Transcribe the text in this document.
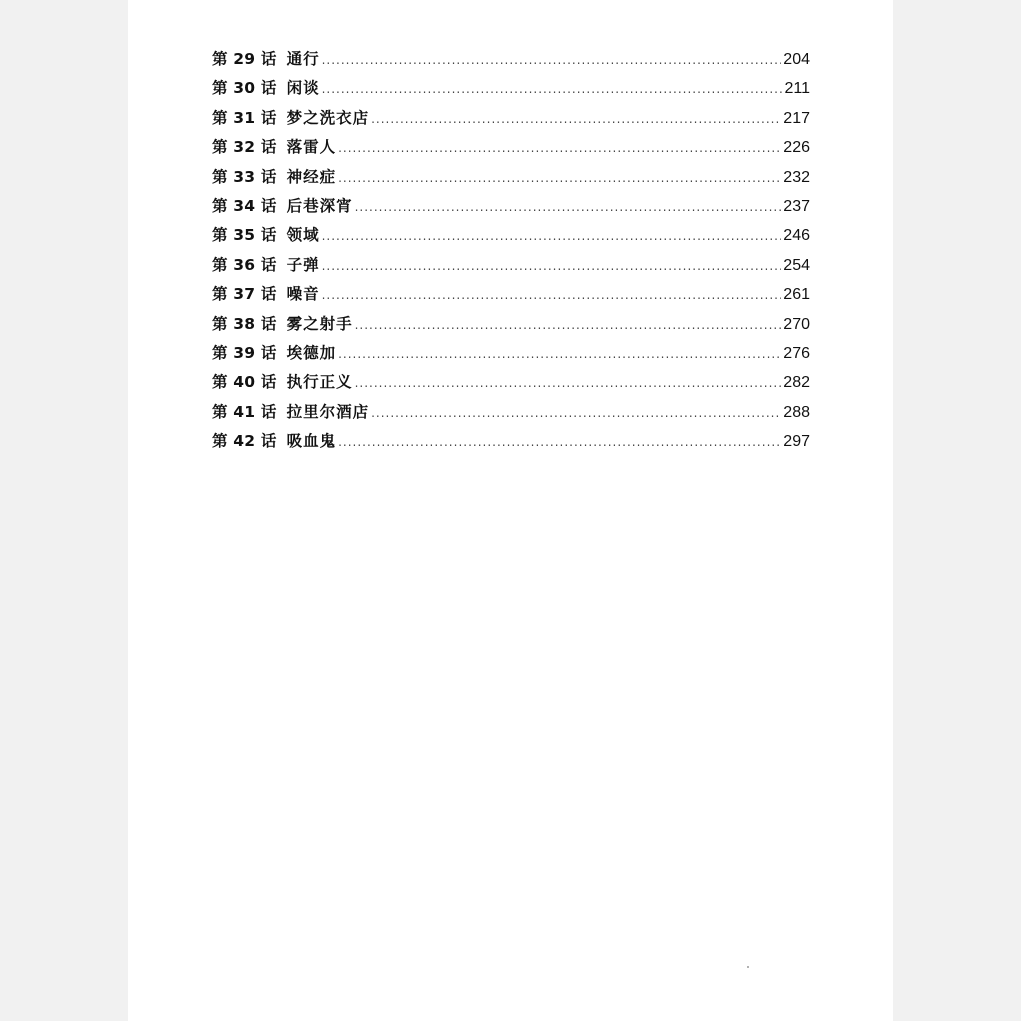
第 29 话 通行 .....	204
第 30 话 闲谈 .....	211
第 31 话 梦之洗衣店 .....	217
第 32 话 落雷人 .....	226
第 33 话 神经症 .....	232
第 34 话 后巷深宵 .....	237
第 35 话 领域 .....	246
第 36 话 子弹 .....	254
第 37 话 噪音 .....	261
第 38 话 雾之射手 .....	270
第 39 话 埃德加 .....	276
第 40 话 执行正义 .....	282
第 41 话 拉里尔酒店 .....	288
第 42 话 吸血鬼 .....	297
